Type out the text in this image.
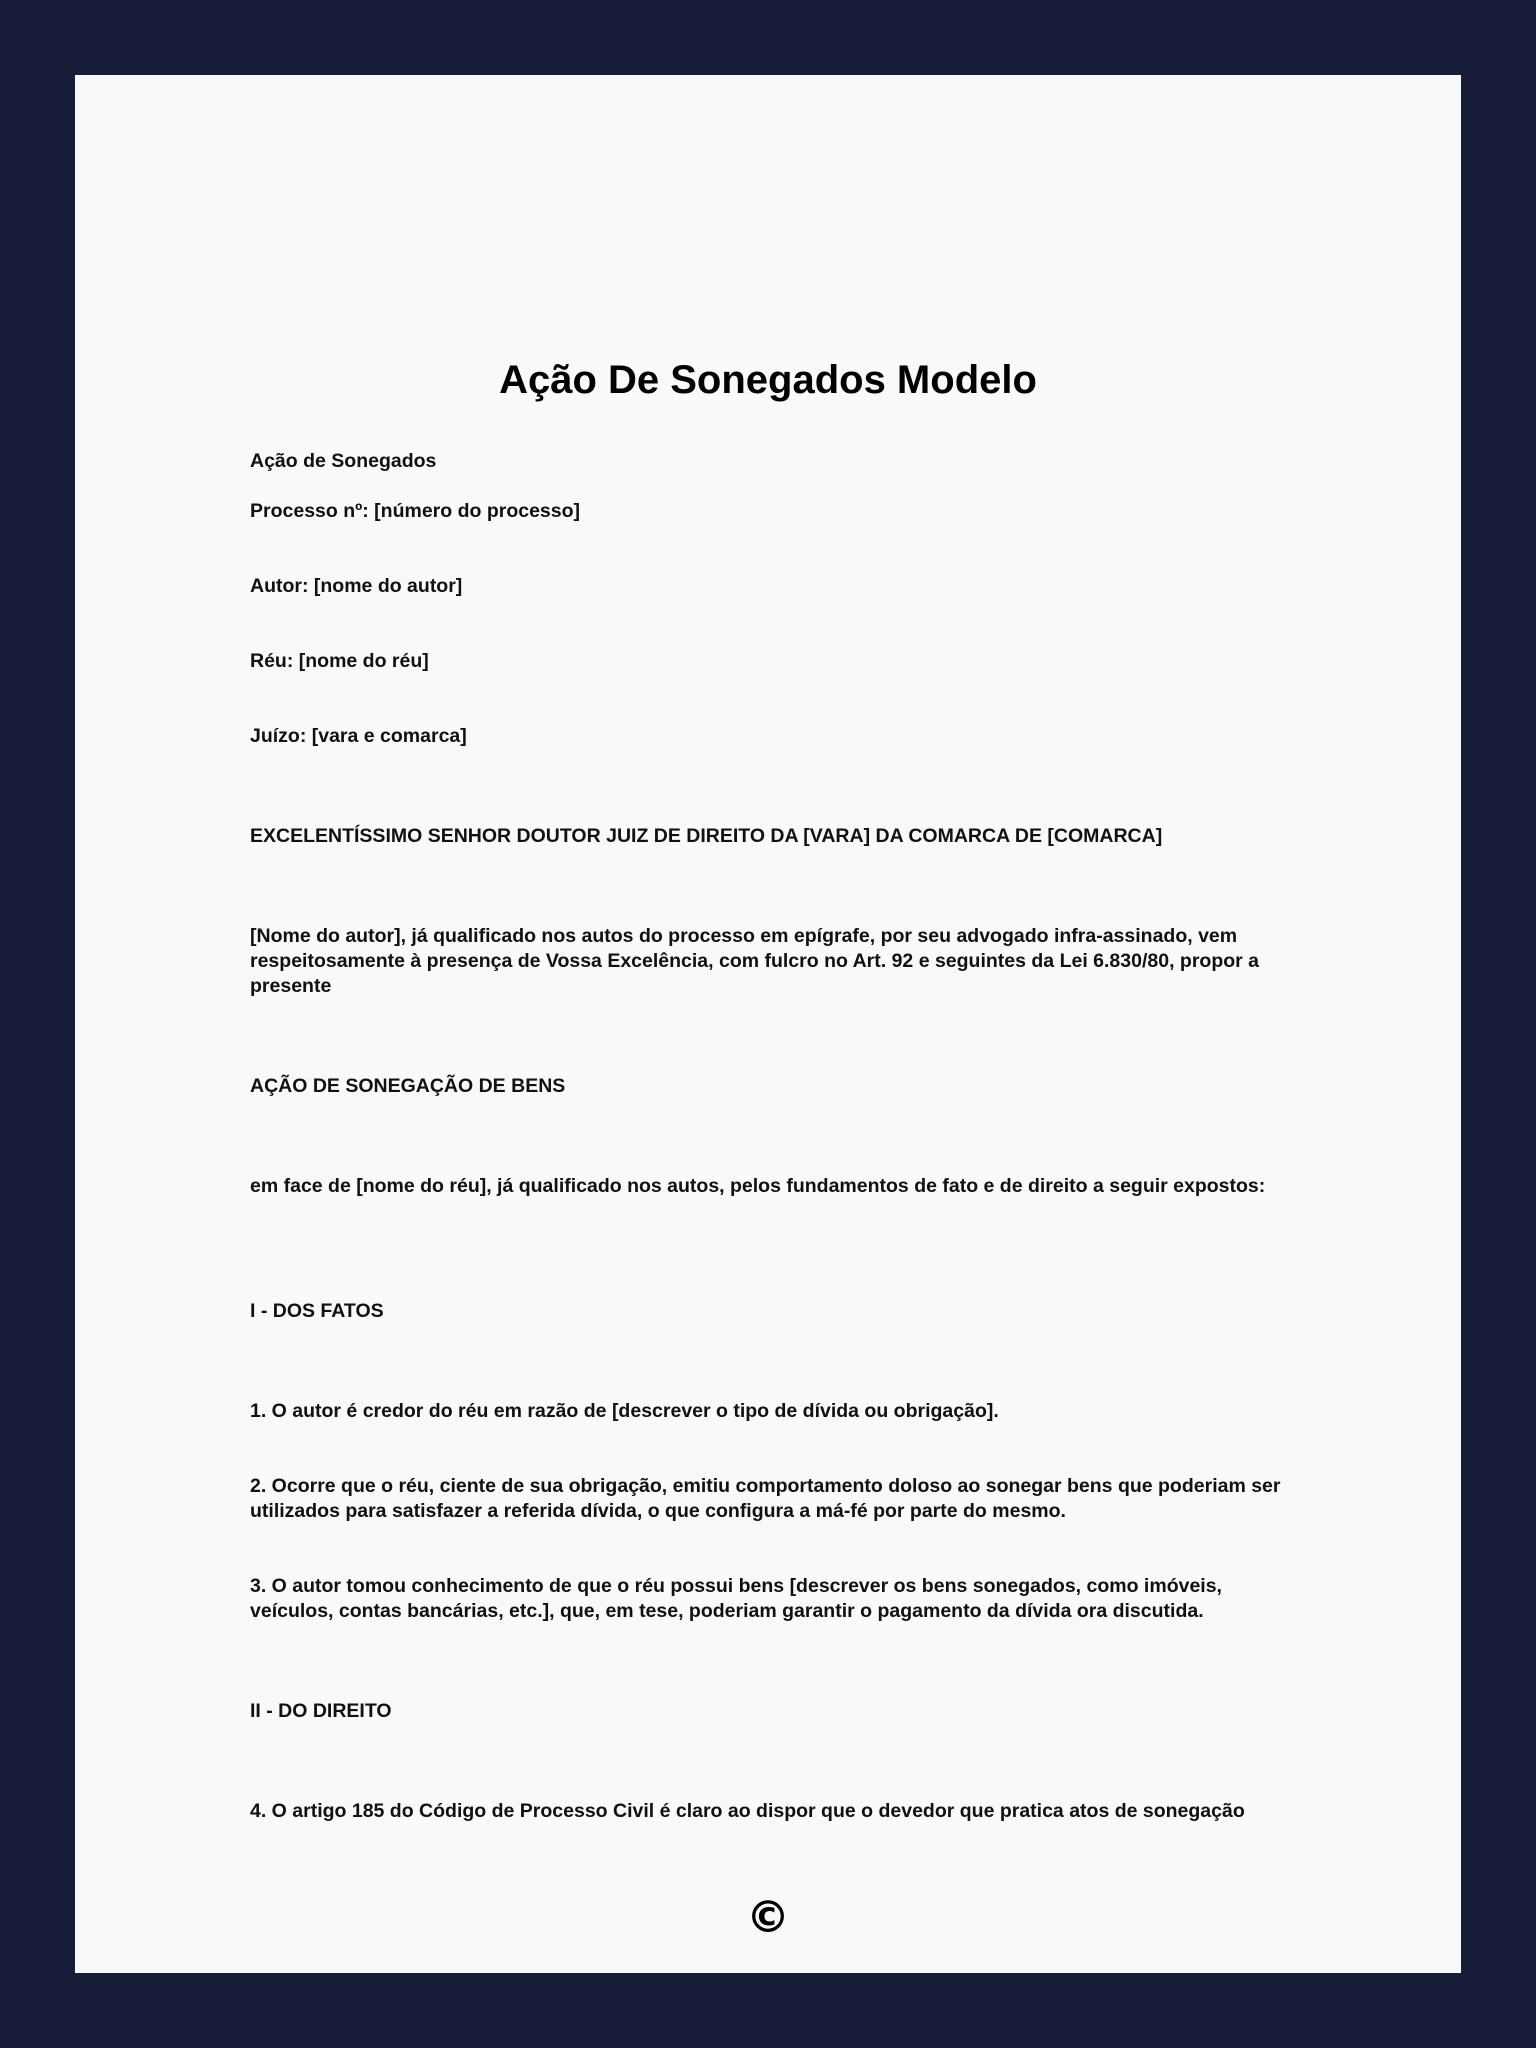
Ação De Sonegados Modelo

Ação de Sonegados

Processo nº: [número do processo]

Autor: [nome do autor]

Réu: [nome do réu]

Juízo: [vara e comarca]

EXCELENTÍSSIMO SENHOR DOUTOR JUIZ DE DIREITO DA [VARA] DA COMARCA DE [COMARCA]

[Nome do autor], já qualificado nos autos do processo em epígrafe, por seu advogado infra-assinado, vem respeitosamente à presença de Vossa Excelência, com fulcro no Art. 92 e seguintes da Lei 6.830/80, propor a presente

AÇÃO DE SONEGAÇÃO DE BENS

em face de [nome do réu], já qualificado nos autos, pelos fundamentos de fato e de direito a seguir expostos:

I - DOS FATOS

1. O autor é credor do réu em razão de [descrever o tipo de dívida ou obrigação].

2. Ocorre que o réu, ciente de sua obrigação, emitiu comportamento doloso ao sonegar bens que poderiam ser utilizados para satisfazer a referida dívida, o que configura a má-fé por parte do mesmo.

3. O autor tomou conhecimento de que o réu possui bens [descrever os bens sonegados, como imóveis, veículos, contas bancárias, etc.], que, em tese, poderiam garantir o pagamento da dívida ora discutida.

II - DO DIREITO

4. O artigo 185 do Código de Processo Civil é claro ao dispor que o devedor que pratica atos de sonegação

©
